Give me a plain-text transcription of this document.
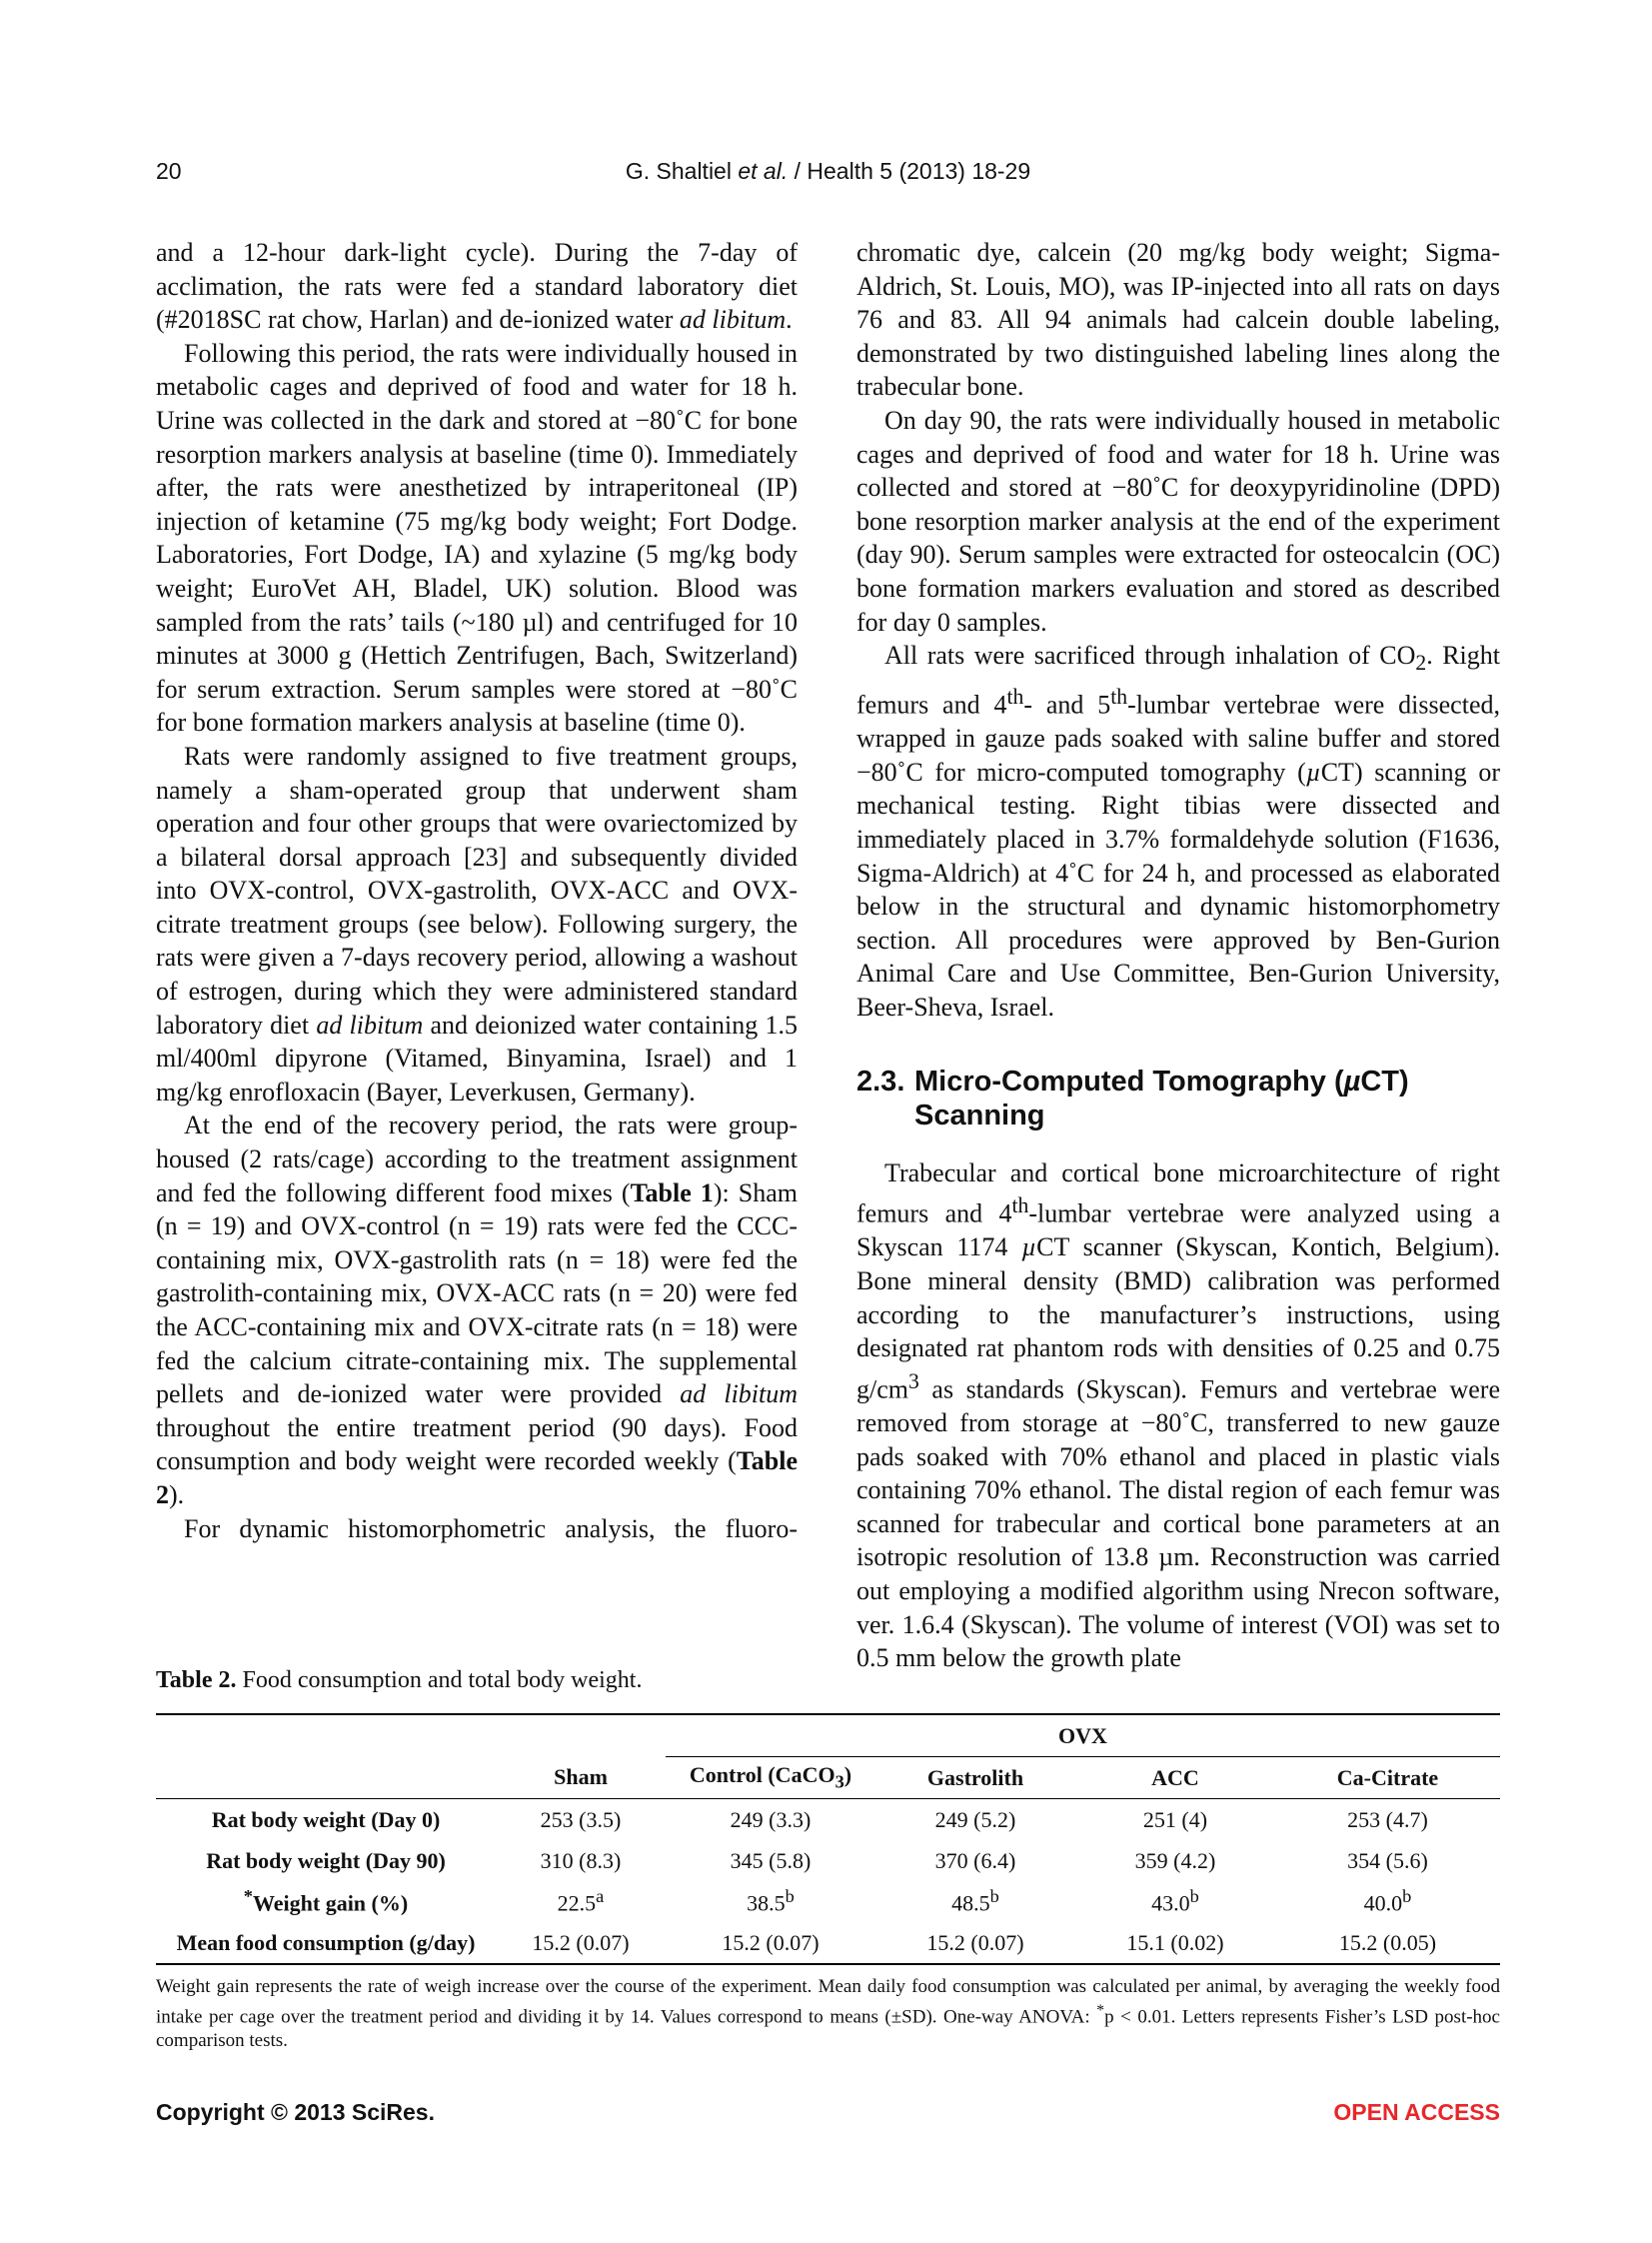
20	G. Shaltiel et al. / Health 5 (2013) 18-29

and a 12-hour dark-light cycle). During the 7-day of acclimation, the rats were fed a standard laboratory diet (#2018SC rat chow, Harlan) and de-ionized water ad libitum.

Following this period, the rats were individually housed in metabolic cages and deprived of food and water for 18 h. Urine was collected in the dark and stored at −80˚C for bone resorption markers analysis at baseline (time 0). Immediately after, the rats were anesthetized by intraperitoneal (IP) injection of ketamine (75 mg/kg body weight; Fort Dodge. Laboratories, Fort Dodge, IA) and xylazine (5 mg/kg body weight; EuroVet AH, Bladel, UK) solution. Blood was sampled from the rats’ tails (~180 µl) and centrifuged for 10 minutes at 3000 g (Hettich Zentrifugen, Bach, Switzerland) for serum extraction. Serum samples were stored at −80˚C for bone formation markers analysis at baseline (time 0).

Rats were randomly assigned to five treatment groups, namely a sham-operated group that underwent sham operation and four other groups that were ovariectomized by a bilateral dorsal approach [23] and subsequently divided into OVX-control, OVX-gastrolith, OVX-ACC and OVX-citrate treatment groups (see below). Following surgery, the rats were given a 7-days recovery period, allowing a washout of estrogen, during which they were administered standard laboratory diet ad libitum and deionized water containing 1.5 ml/400ml dipyrone (Vitamed, Binyamina, Israel) and 1 mg/kg enrofloxacin (Bayer, Leverkusen, Germany).

At the end of the recovery period, the rats were group-housed (2 rats/cage) according to the treatment assignment and fed the following different food mixes (Table 1): Sham (n = 19) and OVX-control (n = 19) rats were fed the CCC-containing mix, OVX-gastrolith rats (n = 18) were fed the gastrolith-containing mix, OVX-ACC rats (n = 20) were fed the ACC-containing mix and OVX-citrate rats (n = 18) were fed the calcium citrate-containing mix. The supplemental pellets and de-ionized water were provided ad libitum throughout the entire treatment period (90 days). Food consumption and body weight were recorded weekly (Table 2).

For dynamic histomorphometric analysis, the fluoro-

chromatic dye, calcein (20 mg/kg body weight; Sigma-Aldrich, St. Louis, MO), was IP-injected into all rats on days 76 and 83. All 94 animals had calcein double labeling, demonstrated by two distinguished labeling lines along the trabecular bone.

On day 90, the rats were individually housed in metabolic cages and deprived of food and water for 18 h. Urine was collected and stored at −80˚C for deoxypyridinoline (DPD) bone resorption marker analysis at the end of the experiment (day 90). Serum samples were extracted for osteocalcin (OC) bone formation markers evaluation and stored as described for day 0 samples.

All rats were sacrificed through inhalation of $CO_2$. Right femurs and 4th- and 5th-lumbar vertebrae were dissected, wrapped in gauze pads soaked with saline buffer and stored −80˚C for micro-computed tomography (µCT) scanning or mechanical testing. Right tibias were dissected and immediately placed in 3.7% formaldehyde solution (F1636, Sigma-Aldrich) at 4˚C for 24 h, and processed as elaborated below in the structural and dynamic histomorphometry section. All procedures were approved by Ben-Gurion Animal Care and Use Committee, Ben-Gurion University, Beer-Sheva, Israel.

2.3. Micro-Computed Tomography (µCT)
Scanning

Trabecular and cortical bone microarchitecture of right femurs and 4th-lumbar vertebrae were analyzed using a Skyscan 1174 µCT scanner (Skyscan, Kontich, Belgium). Bone mineral density (BMD) calibration was performed according to the manufacturer’s instructions, using designated rat phantom rods with densities of 0.25 and 0.75 $g/cm^3$ as standards (Skyscan). Femurs and vertebrae were removed from storage at −80˚C, transferred to new gauze pads soaked with 70% ethanol and placed in plastic vials containing 70% ethanol. The distal region of each femur was scanned for trabecular and cortical bone parameters at an isotropic resolution of 13.8 µm. Reconstruction was carried out employing a modified algorithm using Nrecon software, ver. 1.6.4 (Skyscan). The volume of interest (VOI) was set to 0.5 mm below the growth plate

Table 2. Food consumption and total body weight.
		OVX			
	Sham	Control (CaCO$_3$)	Gastrolith	ACC	Ca-Citrate
Rat body weight (Day 0)	253 (3.5)	249 (3.3)	249 (5.2)	251 (4)	253 (4.7)
Rat body weight (Day 90)	310 (8.3)	345 (5.8)	370 (6.4)	359 (4.2)	354 (5.6)
*Weight gain (%)	22.5$^a$	38.5$^b$	48.5$^b$	43.0$^b$	40.0$^b$
Mean food consumption (g/day)	15.2 (0.07)	15.2 (0.07)	15.2 (0.07)	15.1 (0.02)	15.2 (0.05)
Weight gain represents the rate of weigh increase over the course of the experiment. Mean daily food consumption was calculated per animal, by averaging the weekly food intake per cage over the treatment period and dividing it by 14. Values correspond to means (±SD). One-way ANOVA: *p < 0.01. Letters represents Fisher’s LSD post-hoc comparison tests.
Copyright © 2013 SciRes.	OPEN ACCESS
